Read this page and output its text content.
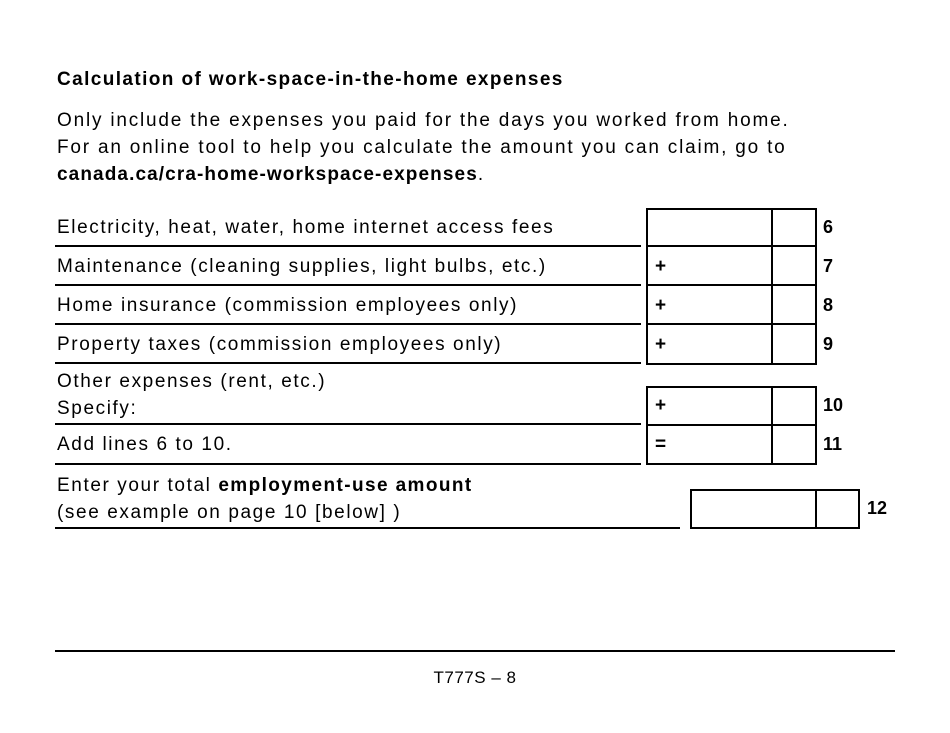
Calculation of work-space-in-the-home expenses
Only include the expenses you paid for the days you worked from home.
For an online tool to help you calculate the amount you can claim, go to
canada.ca/cra-home-workspace-expenses.
Electricity, heat, water, home internet access fees
Maintenance (cleaning supplies, light bulbs, etc.)
Home insurance (commission employees only)
Property taxes (commission employees only)
Other expenses (rent, etc.)
Specify:
Add lines 6 to 10.
+
+
+
+
=
6
7
8
9
10
11
Enter your total employment-use amount
(see example on page 10 [below] )	12
T777S – 8
